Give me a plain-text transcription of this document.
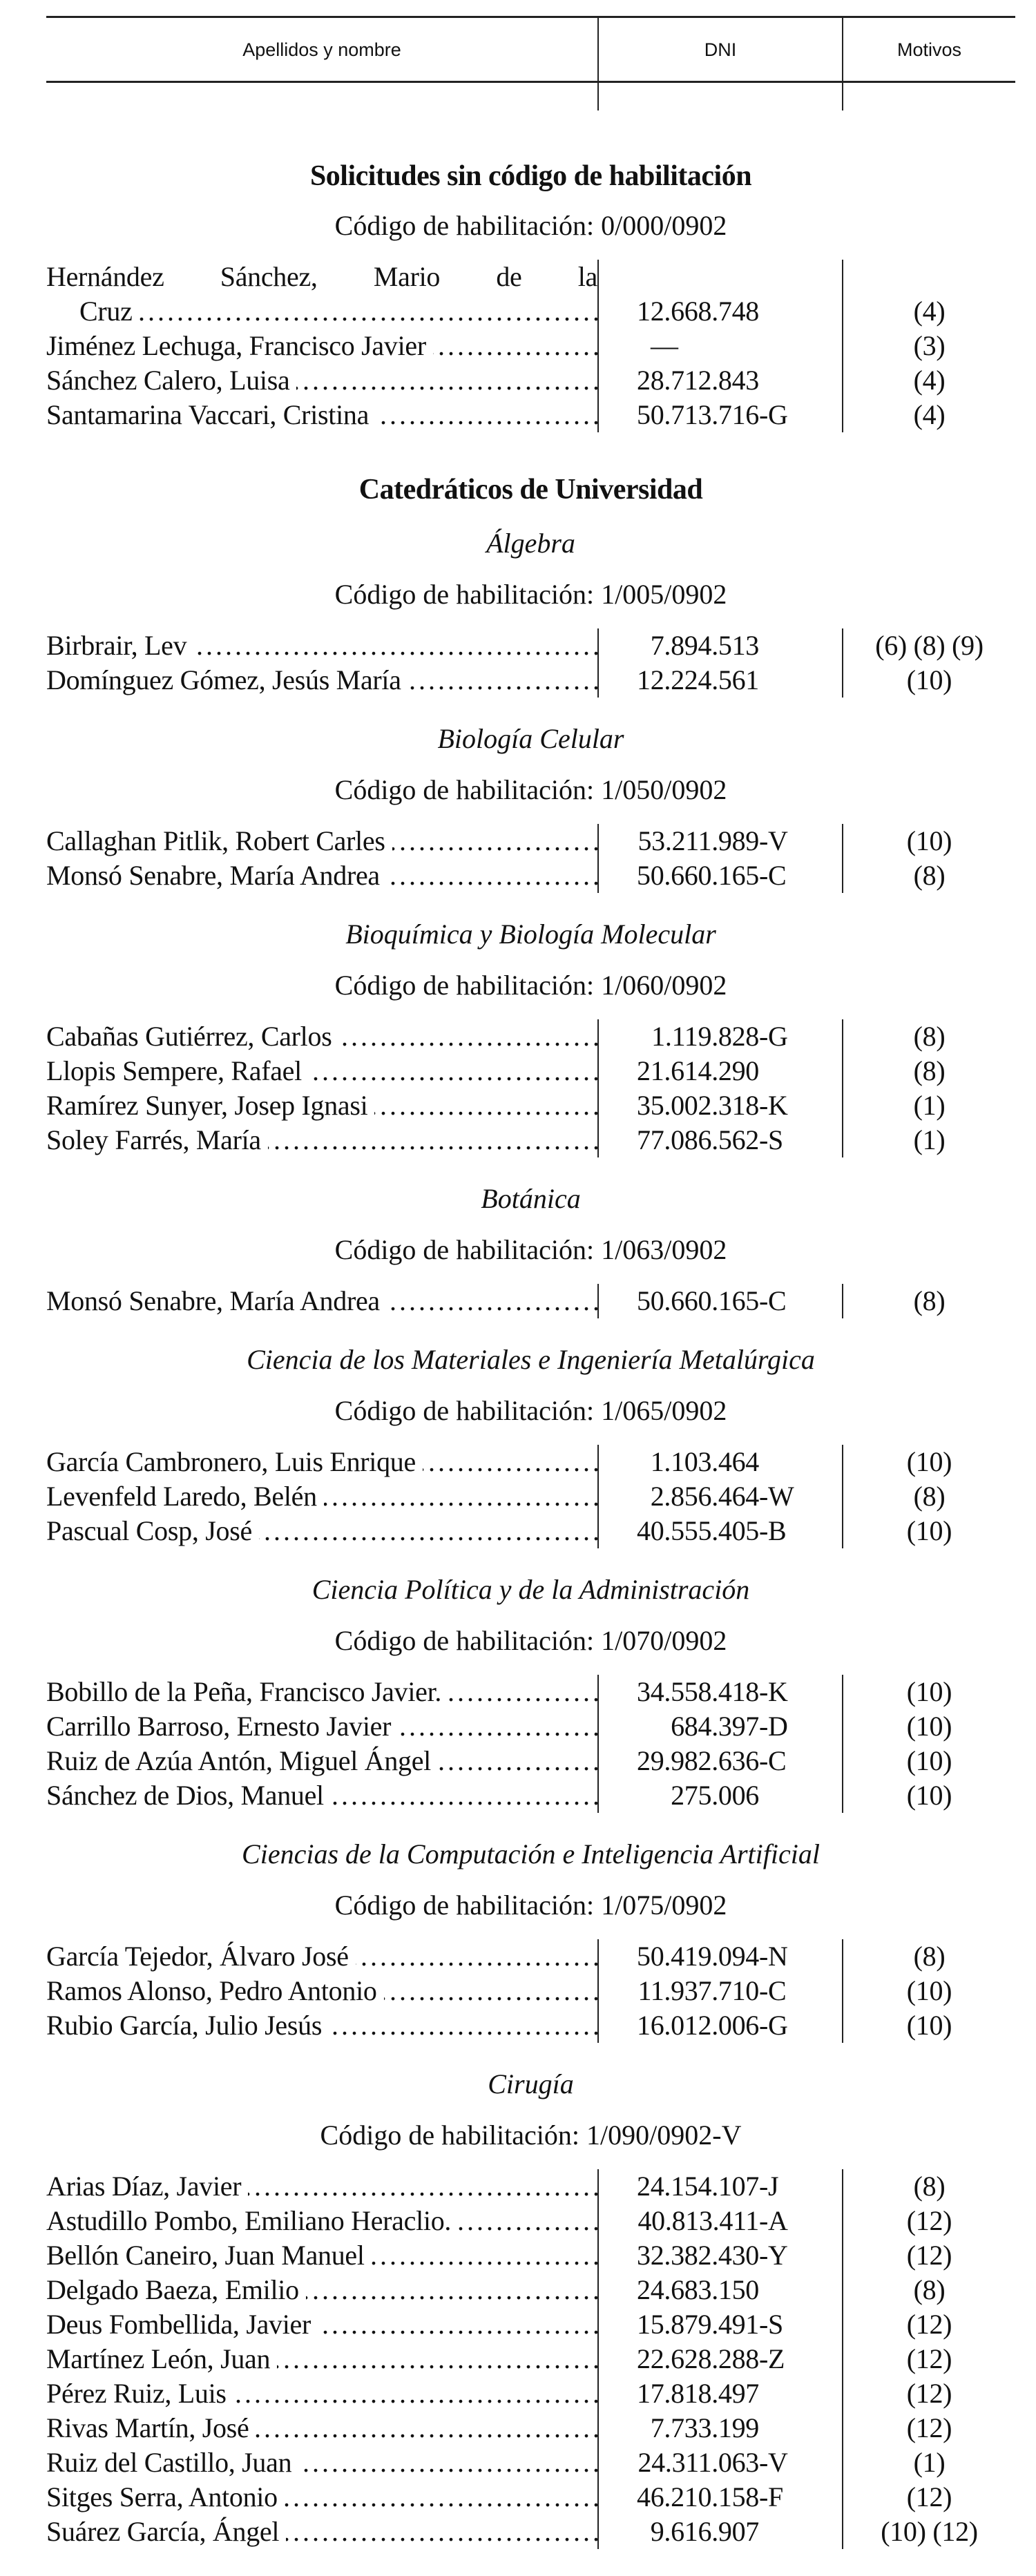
Apellidos y nombre	DNI	Motivos
Solicitudes sin código de habilitación
Código de habilitación: 0/000/0902
Hernández Sánchez, Mario de la
Cruz . . .	12.668.748	(4)
Jiménez Lechuga, Francisco Javier . . .	—	(3)
Sánchez Calero, Luisa . . .	28.712.843	(4)
Santamarina Vaccari, Cristina . . .	50.713.716-G	(4)
Catedráticos de Universidad
Álgebra
Código de habilitación: 1/005/0902
Birbrair, Lev . . .	7.894.513	(6) (8) (9)
Domínguez Gómez, Jesús María . . .	12.224.561	(10)
Biología Celular
Código de habilitación: 1/050/0902
Callaghan Pitlik, Robert Carles . . .	53.211.989-V	(10)
Monsó Senabre, María Andrea . . .	50.660.165-C	(8)
Bioquímica y Biología Molecular
Código de habilitación: 1/060/0902
Cabañas Gutiérrez, Carlos . . .	1.119.828-G	(8)
Llopis Sempere, Rafael . . .	21.614.290	(8)
Ramírez Sunyer, Josep Ignasi . . .	35.002.318-K	(1)
Soley Farrés, María . . .	77.086.562-S	(1)
Botánica
Código de habilitación: 1/063/0902
Monsó Senabre, María Andrea . . .	50.660.165-C	(8)
Ciencia de los Materiales e Ingeniería Metalúrgica
Código de habilitación: 1/065/0902
García Cambronero, Luis Enrique . . .	1.103.464	(10)
Levenfeld Laredo, Belén . . .	2.856.464-W	(8)
Pascual Cosp, José . . .	40.555.405-B	(10)
Ciencia Política y de la Administración
Código de habilitación: 1/070/0902
Bobillo de la Peña, Francisco Javier. . . .	34.558.418-K	(10)
Carrillo Barroso, Ernesto Javier . . .	684.397-D	(10)
Ruiz de Azúa Antón, Miguel Ángel . . .	29.982.636-C	(10)
Sánchez de Dios, Manuel . . .	275.006	(10)
Ciencias de la Computación e Inteligencia Artificial
Código de habilitación: 1/075/0902
García Tejedor, Álvaro José . . .	50.419.094-N	(8)
Ramos Alonso, Pedro Antonio . . .	11.937.710-C	(10)
Rubio García, Julio Jesús . . .	16.012.006-G	(10)
Cirugía
Código de habilitación: 1/090/0902-V
Arias Díaz, Javier . . .	24.154.107-J	(8)
Astudillo Pombo, Emiliano Heraclio. . . .	40.813.411-A	(12)
Bellón Caneiro, Juan Manuel . . .	32.382.430-Y	(12)
Delgado Baeza, Emilio . . .	24.683.150	(8)
Deus Fombellida, Javier . . .	15.879.491-S	(12)
Martínez León, Juan . . .	22.628.288-Z	(12)
Pérez Ruiz, Luis . . .	17.818.497	(12)
Rivas Martín, José . . .	7.733.199	(12)
Ruiz del Castillo, Juan . . .	24.311.063-V	(1)
Sitges Serra, Antonio . . .	46.210.158-F	(12)
Suárez García, Ángel . . .	9.616.907	(10) (12)
